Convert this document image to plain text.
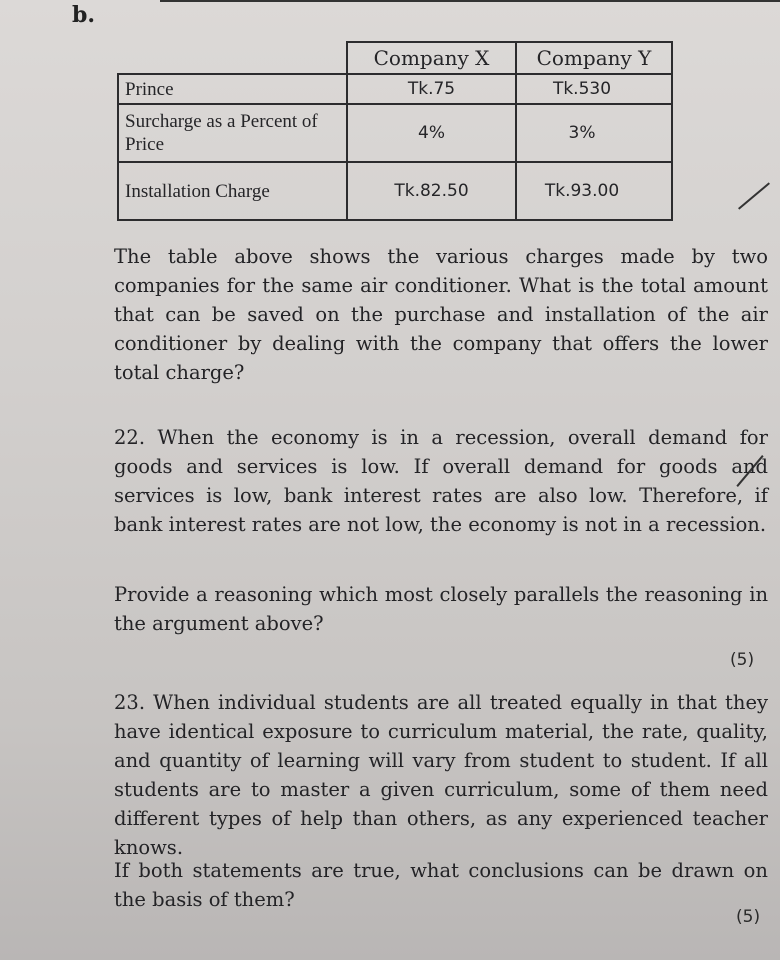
b.
	Company X	Company Y
Prince	Tk.75	Tk.530
Surcharge as a Percent of Price	4%	3%
Installation Charge	Tk.82.50	Tk.93.00
The table above shows the various charges made by two companies for the same air conditioner. What is the total amount that can be saved on the purchase and installation of the air conditioner by dealing with the company that offers the lower total charge?
22. When the economy is in a recession, overall demand for goods and services is low. If overall demand for goods and services is low, bank interest rates are also low. Therefore, if bank interest rates are not low, the economy is not in a recession.
Provide a reasoning which most closely parallels the reasoning in the argument above?
(5)
23. When individual students are all treated equally in that they have identical exposure to curriculum material, the rate, quality, and quantity of learning will vary from student to student. If all students are to master a given curriculum, some of them need different types of help than others, as any experienced teacher knows.
If both statements are true, what conclusions can be drawn on the basis of them?
(5)
